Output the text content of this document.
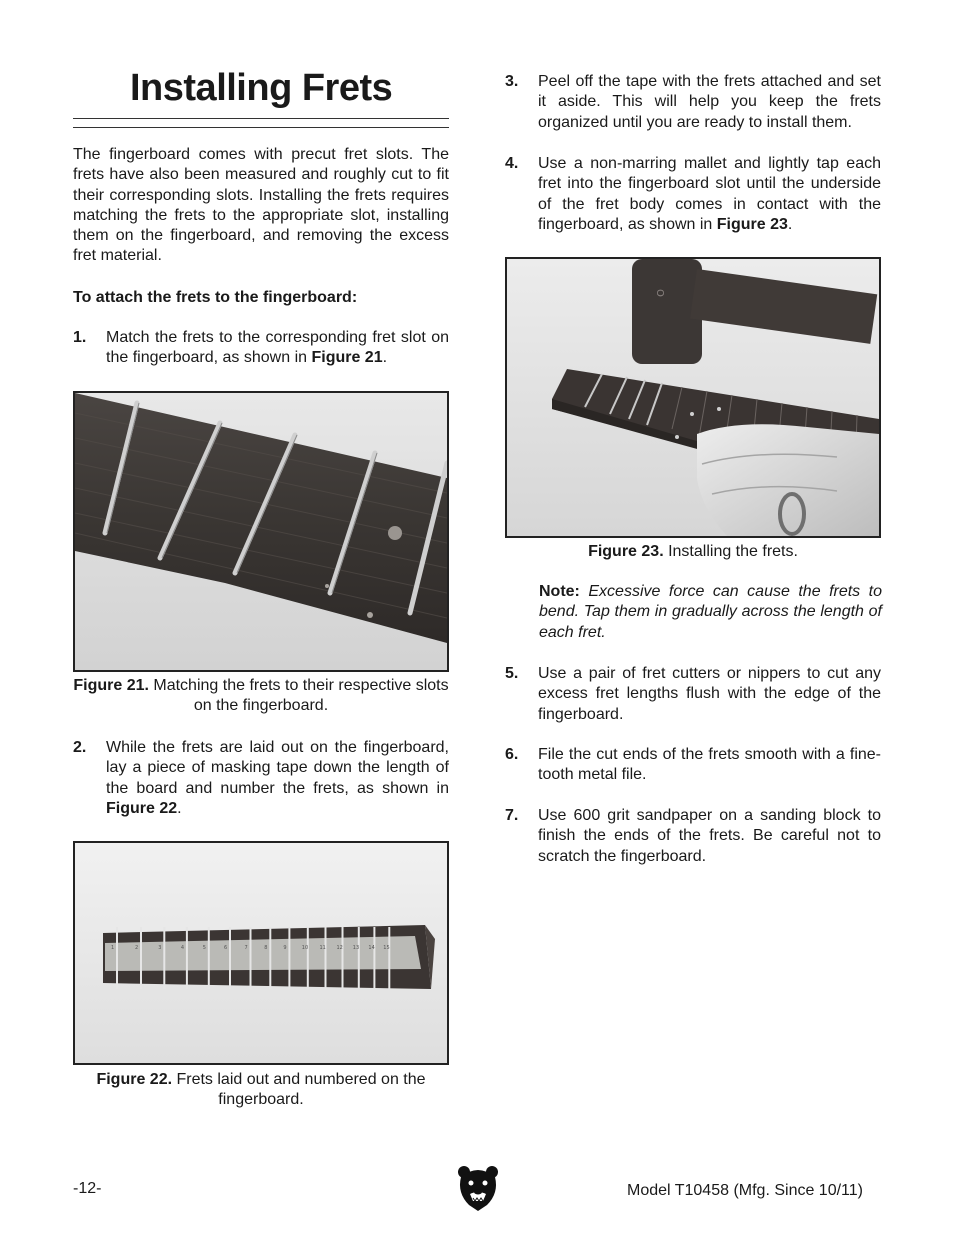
Installing Frets

The fingerboard comes with precut fret slots. The frets have also been measured and roughly cut to fit their corresponding slots. Installing the frets requires matching the frets to the appropriate slot, installing them on the fingerboard, and removing the excess fret material.

To attach the frets to the fingerboard:
1. Match the frets to the corresponding fret slot on the fingerboard, as shown in Figure 21.
Figure 21. Matching the frets to their respective slots on the fingerboard.
2. While the frets are laid out on the fingerboard, lay a piece of masking tape down the length of the board and number the frets, as shown in Figure 22.
1	2	3	4	5	6	7	8	9	10 11 12 13 14 15
Figure 22. Frets laid out and numbered on the fingerboard.
3. Peel off the tape with the frets attached and set it aside. This will help you keep the frets organized until you are ready to install them.
4. Use a non-marring mallet and lightly tap each fret into the fingerboard slot until the underside of the fret body comes in contact with the fingerboard, as shown in Figure 23.
O
Figure 23. Installing the frets.
Note: Excessive force can cause the frets to bend. Tap them in gradually across the length of each fret.
5. Use a pair of fret cutters or nippers to cut any excess fret lengths flush with the edge of the fingerboard.
6. File the cut ends of the frets smooth with a fine-tooth metal file.
7. Use 600 grit sandpaper on a sanding block to finish the ends of the frets. Be careful not to scratch the fingerboard.
-12-	Model T10458 (Mfg. Since 10/11)
